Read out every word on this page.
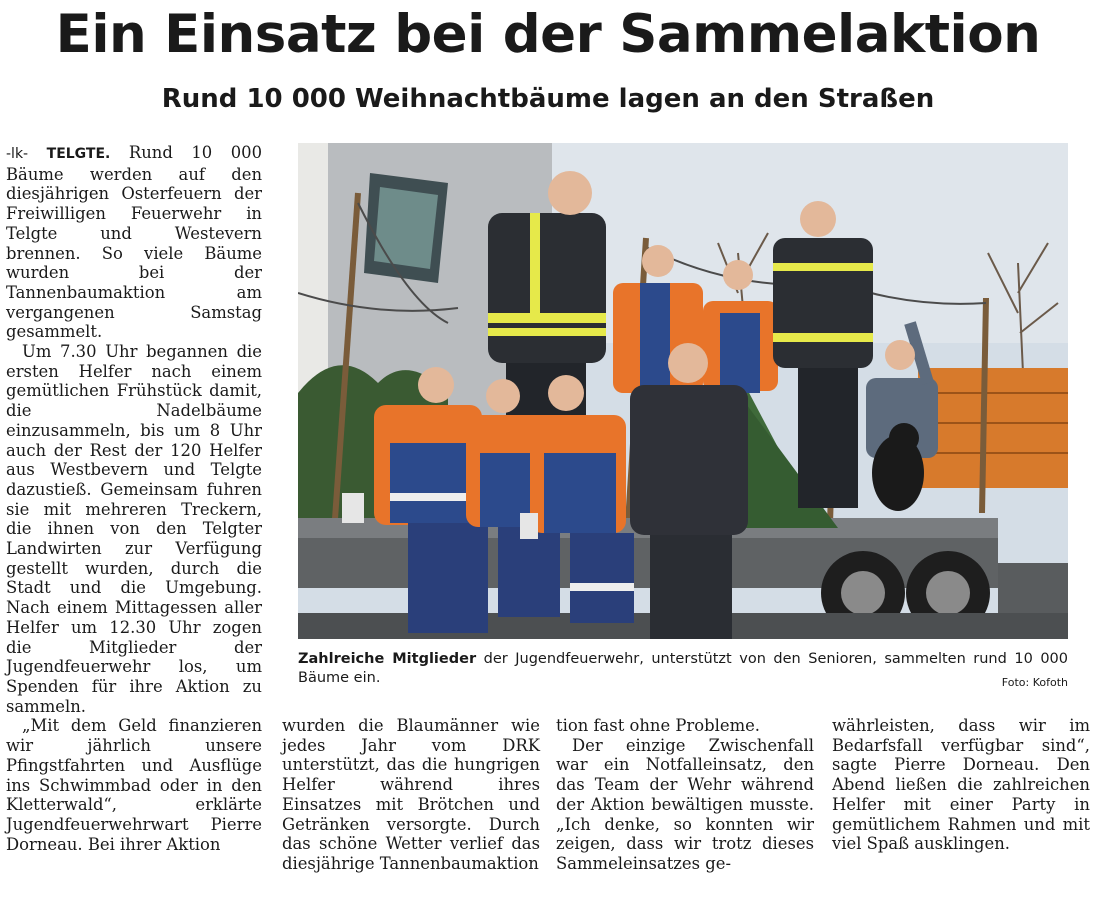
Ein Einsatz bei der Sammelaktion
Rund 10 000 Weihnachtbäume lagen an den Straßen

-lk- TELGTE. Rund 10 000 Bäume werden auf den diesjährigen Osterfeuern der Freiwilligen Feuerwehr in Telgte und Westevern brennen. So viele Bäume wurden bei der Tannenbaumaktion am vergangenen Samstag gesammelt.

Um 7.30 Uhr begannen die ersten Helfer nach einem gemütlichen Frühstück damit, die Nadelbäume einzusammeln, bis um 8 Uhr auch der Rest der 120 Helfer aus Westbevern und Telgte dazustieß. Gemeinsam fuhren sie mit mehreren Treckern, die ihnen von den Telgter Landwirten zur Verfügung gestellt wurden, durch die Stadt und die Umgebung. Nach einem Mittagessen aller Helfer um 12.30 Uhr zogen die Mitglieder der Jugendfeuerwehr los, um Spenden für ihre Aktion zu sammeln.

„Mit dem Geld finanzieren wir jährlich unsere Pfingstfahrten und Ausflüge ins Schwimmbad oder in den Kletterwald“, erklärte Jugendfeuerwehrwart Pierre Dorneau. Bei ihrer Aktion

Zahlreiche Mitglieder der Jugendfeuerwehr, unterstützt von den Senioren, sammelten rund 10 000 Bäume ein.	Foto: Kofoth

wurden die Blaumänner wie jedes Jahr vom DRK unterstützt, das die hungrigen Helfer während ihres Einsatzes mit Brötchen und Getränken versorgte. Durch das schöne Wetter verlief das diesjährige Tannenbaumaktion

tion fast ohne Probleme.

Der einzige Zwischenfall war ein Notfalleinsatz, den das Team der Wehr während der Aktion bewältigen musste. „Ich denke, so konnten wir zeigen, dass wir trotz dieses Sammeleinsatzes ge-

währleisten, dass wir im Bedarfsfall verfügbar sind“, sagte Pierre Dorneau. Den Abend ließen die zahlreichen Helfer mit einer Party in gemütlichem Rahmen und mit viel Spaß ausklingen.
